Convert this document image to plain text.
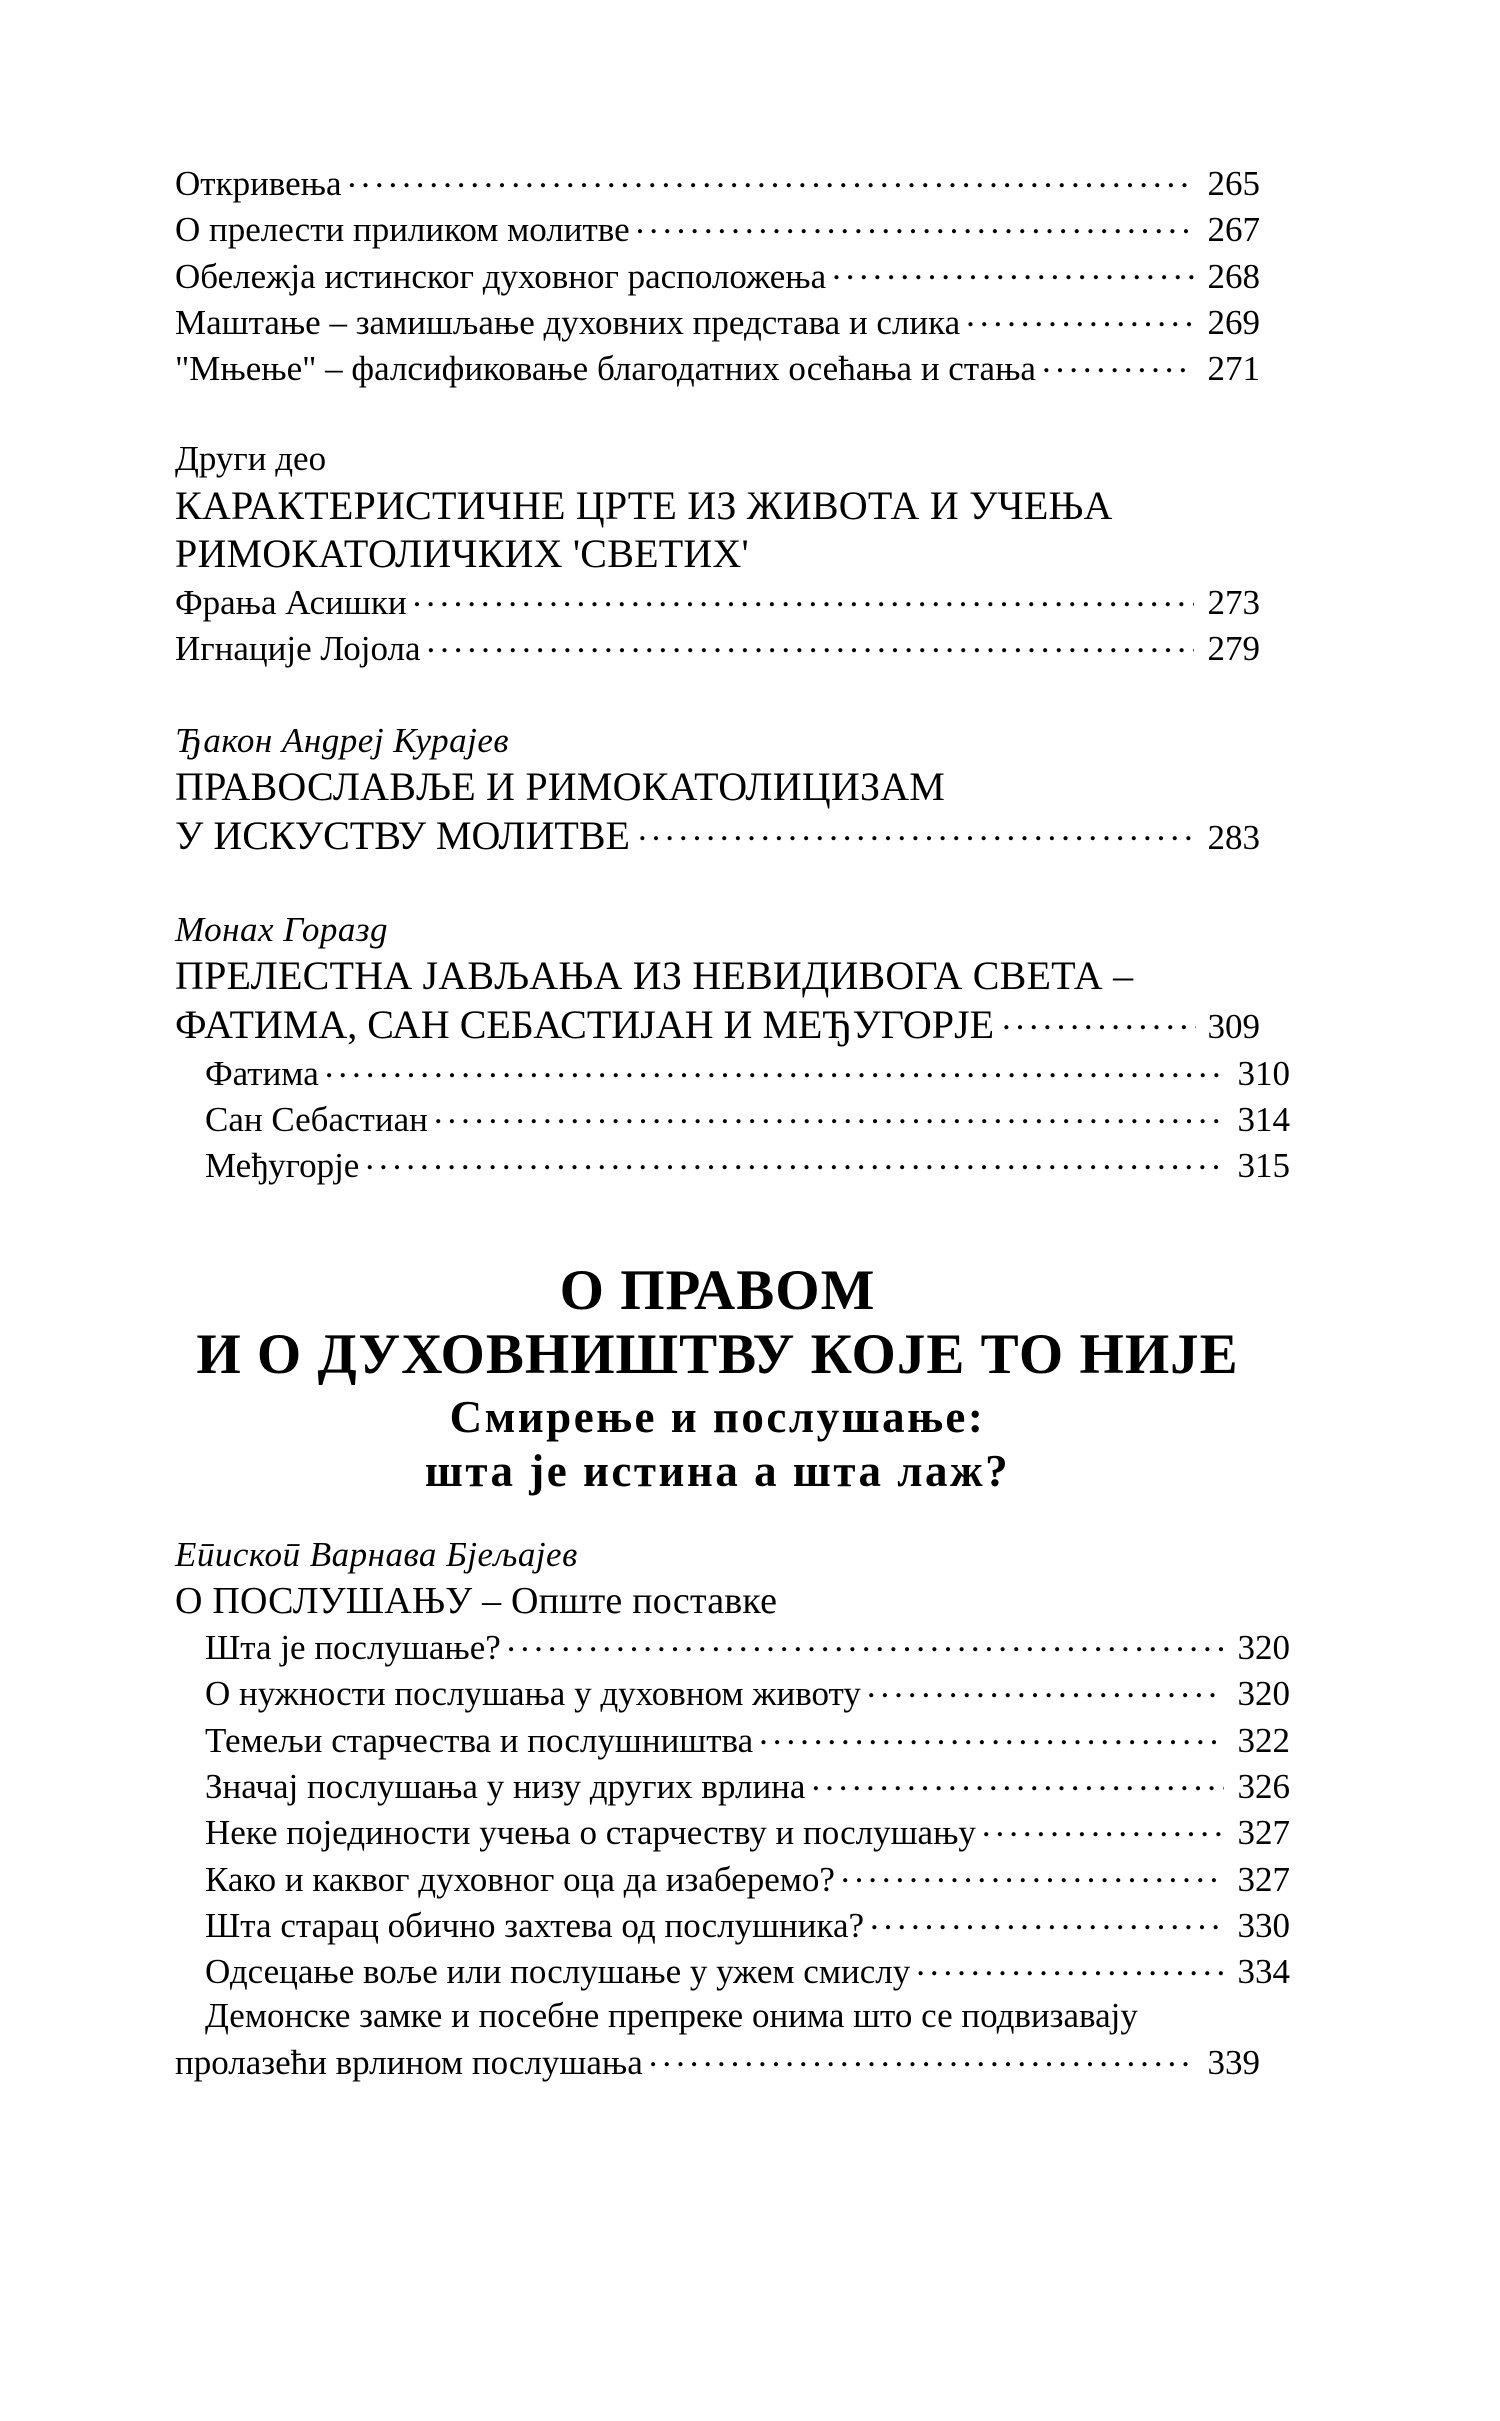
Откривења . . .	265
О прелести приликом молитве . . .	267
Обележја истинског духовног расположења . . .	268
Маштање – замишљање духовних представа и слика . . .	269
"Мњење" – фалсификовање благодатних осећања и стања . . .	271
Други део
КАРАКТЕРИСТИЧНЕ ЦРТЕ ИЗ ЖИВОТА И УЧЕЊА
РИМОКАТОЛИЧКИХ 'СВЕТИХ'
Фрања Асишки . . .	273
Игнације Лојола . . .	279
Ђакон Андреј Курајев
ПРАВОСЛАВЉЕ И РИМОКАТОЛИЦИЗАМ
У ИСКУСТВУ МОЛИТВЕ . . .	283
Монах Горазд
ПРЕЛЕСТНА ЈАВЉАЊА ИЗ НЕВИДИВОГА СВЕТА –
ФАТИМА, САН СЕБАСТИЈАН И МЕЂУГОРЈЕ . . .	309
Фатима . . .	310
Сан Себастиан . . .	314
Међугорје . . .	315
О ПРАВОМ
И О ДУХОВНИШТВУ КОЈЕ ТО НИЈЕ
Смирење и послушање:
шта је истина а шта лаж?
Епископ Варнава Бјељајев
О ПОСЛУШАЊУ – Опште поставке
Шта је послушање? . . .	320
О нужности послушања у духовном животу . . .	320
Темељи старчества и послушништва . . .	322
Значај послушања у низу других врлина . . .	326
Неке појединости учења о старчеству и послушању . . .	327
Како и каквог духовног оца да изаберемо? . . .	327
Шта старац обично захтева од послушника? . . .	330
Одсецање воље или послушање у ужем смислу . . .	334
Демонске замке и посебне препреке онима што се подвизавају
пролазећи врлином послушања . . .	339
